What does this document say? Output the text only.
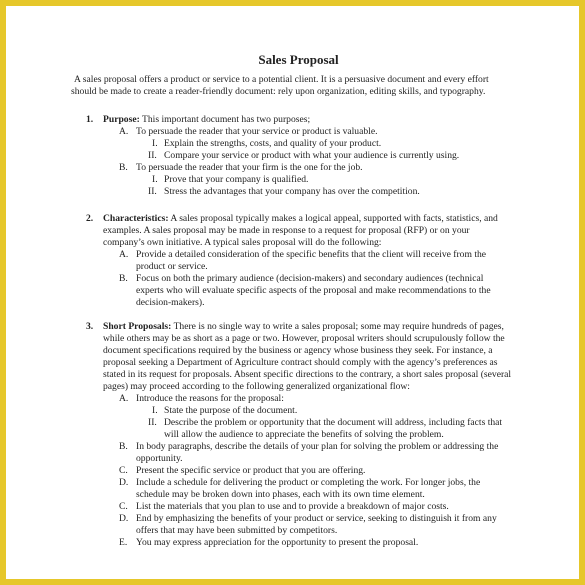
Sales Proposal
A sales proposal offers a product or service to a potential client. It is a persuasive document and every effort
should be made to create a reader-friendly document: rely upon organization, editing skills, and typography.
1. Purpose: This important document has two purposes;
A. To persuade the reader that your service or product is valuable.
I. Explain the strengths, costs, and quality of your product.
II. Compare your service or product with what your audience is currently using.
B. To persuade the reader that your firm is the one for the job.
I. Prove that your company is qualified.
II. Stress the advantages that your company has over the competition.
2. Characteristics: A sales proposal typically makes a logical appeal, supported with facts, statistics, and
examples. A sales proposal may be made in response to a request for proposal (RFP) or on your
company’s own initiative. A typical sales proposal will do the following:
A. Provide a detailed consideration of the specific benefits that the client will receive from the
product or service.
B. Focus on both the primary audience (decision-makers) and secondary audiences (technical
experts who will evaluate specific aspects of the proposal and make recommendations to the
decision-makers).
3. Short Proposals: There is no single way to write a sales proposal; some may require hundreds of pages,
while others may be as short as a page or two. However, proposal writers should scrupulously follow the
document specifications required by the business or agency whose business they seek. For instance, a
proposal seeking a Department of Agriculture contract should comply with the agency’s preferences as
stated in its request for proposals. Absent specific directions to the contrary, a short sales proposal (several
pages) may proceed according to the following generalized organizational flow:
A. Introduce the reasons for the proposal:
I. State the purpose of the document.
II. Describe the problem or opportunity that the document will address, including facts that
will allow the audience to appreciate the benefits of solving the problem.
B. In body paragraphs, describe the details of your plan for solving the problem or addressing the
opportunity.
C. Present the specific service or product that you are offering.
D. Include a schedule for delivering the product or completing the work. For longer jobs, the
schedule may be broken down into phases, each with its own time element.
C. List the materials that you plan to use and to provide a breakdown of major costs.
D. End by emphasizing the benefits of your product or service, seeking to distinguish it from any
offers that may have been submitted by competitors.
E. You may express appreciation for the opportunity to present the proposal.
